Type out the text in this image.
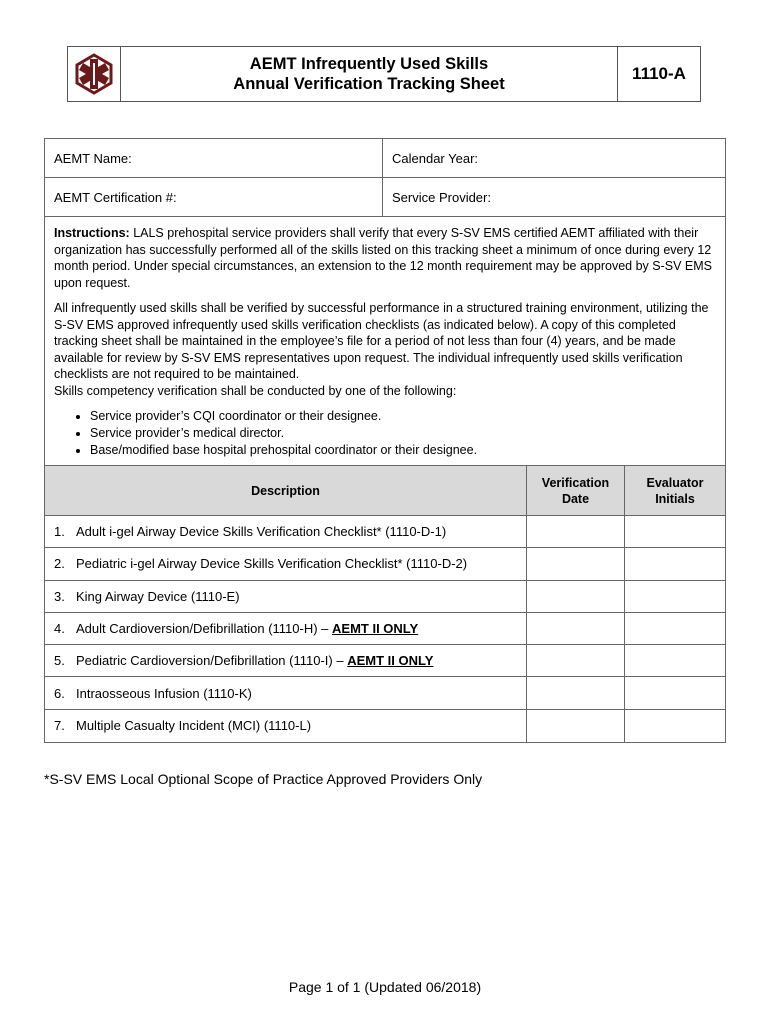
AEMT Infrequently Used Skills
Annual Verification Tracking Sheet
1110-A
AEMT Name:	Calendar Year:
AEMT Certification #:	Service Provider:

Instructions: LALS prehospital service providers shall verify that every S-SV EMS certified AEMT affiliated with their organization has successfully performed all of the skills listed on this tracking sheet a minimum of once during every 12 month period. Under special circumstances, an extension to the 12 month requirement may be approved by S-SV EMS upon request.

All infrequently used skills shall be verified by successful performance in a structured training environment, utilizing the S-SV EMS approved infrequently used skills verification checklists (as indicated below). A copy of this completed tracking sheet shall be maintained in the employee’s file for a period of not less than four (4) years, and be made available for review by S-SV EMS representatives upon request. The individual infrequently used skills verification checklists are not required to be maintained.

Skills competency verification shall be conducted by one of the following:

• Service provider’s CQI coordinator or their designee.
• Service provider’s medical director.
• Base/modified base hospital prehospital coordinator or their designee.
Description
Verification
Date
Evaluator
Initials
1. Adult i-gel Airway Device Skills Verification Checklist* (1110-D-1)
2. Pediatric i-gel Airway Device Skills Verification Checklist* (1110-D-2)
3. King Airway Device (1110-E)
4. Adult Cardioversion/Defibrillation (1110-H) – AEMT II ONLY
5. Pediatric Cardioversion/Defibrillation (1110-I) – AEMT II ONLY
6. Intraosseous Infusion (1110-K)
7. Multiple Casualty Incident (MCI) (1110-L)
*S-SV EMS Local Optional Scope of Practice Approved Providers Only
Page 1 of 1 (Updated 06/2018)
